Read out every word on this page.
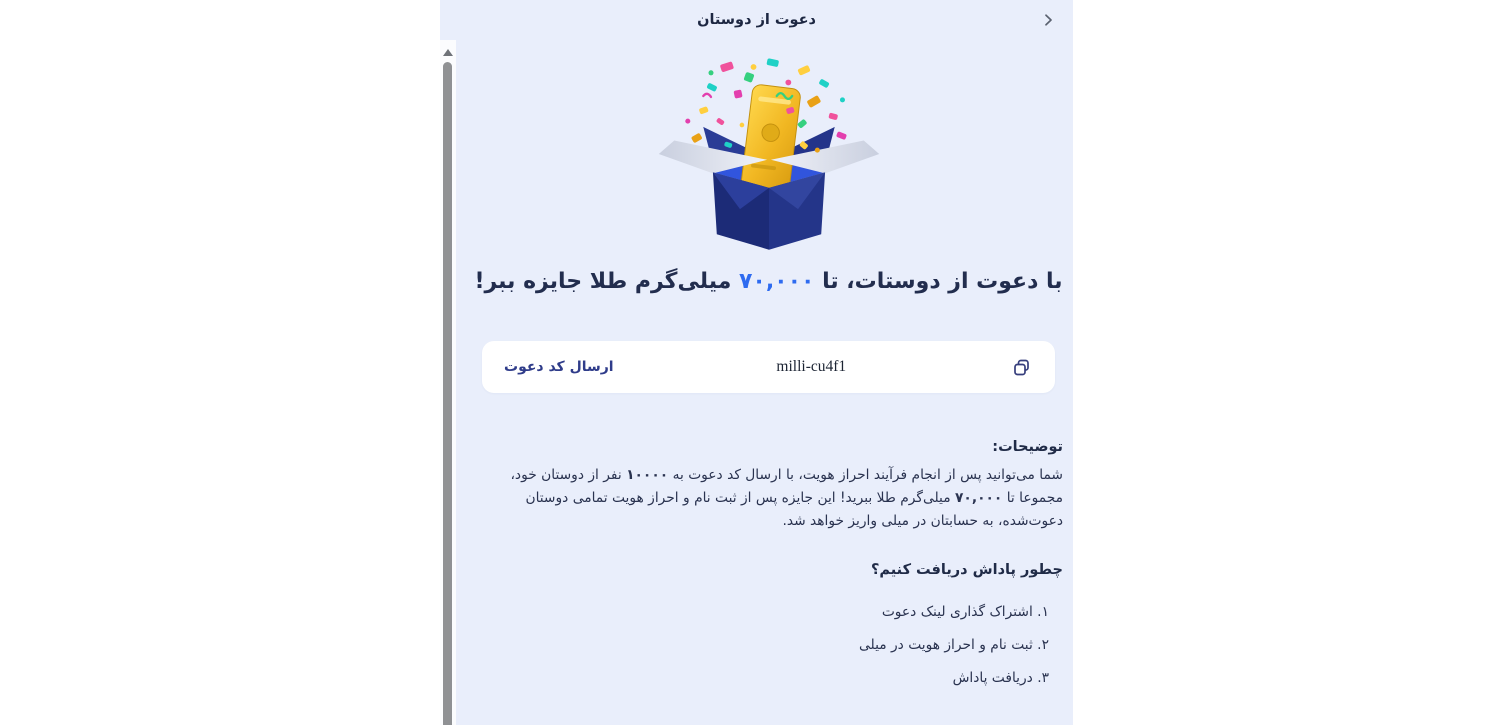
دعوت از دوستان
با دعوت از دوستات، تا ۷۰,۰۰۰ میلی‌گرم طلا جایزه ببر!
milli-cu4f1
ارسال کد دعوت
توضیحات:
شما می‌توانید پس از انجام فرآیند احراز هویت، با ارسال کد دعوت به ۱۰۰۰۰ نفر از دوستان خود، مجموعا تا ۷۰,۰۰۰ میلی‌گرم طلا ببرید! این جایزه پس از ثبت نام و احراز هویت تمامی دوستان دعوت‌شده، به حسابتان در میلی واریز خواهد شد.
چطور پاداش دریافت کنیم؟
۱. اشتراک گذاری لینک دعوت
۲. ثبت نام و احراز هویت در میلی
۳. دریافت پاداش
